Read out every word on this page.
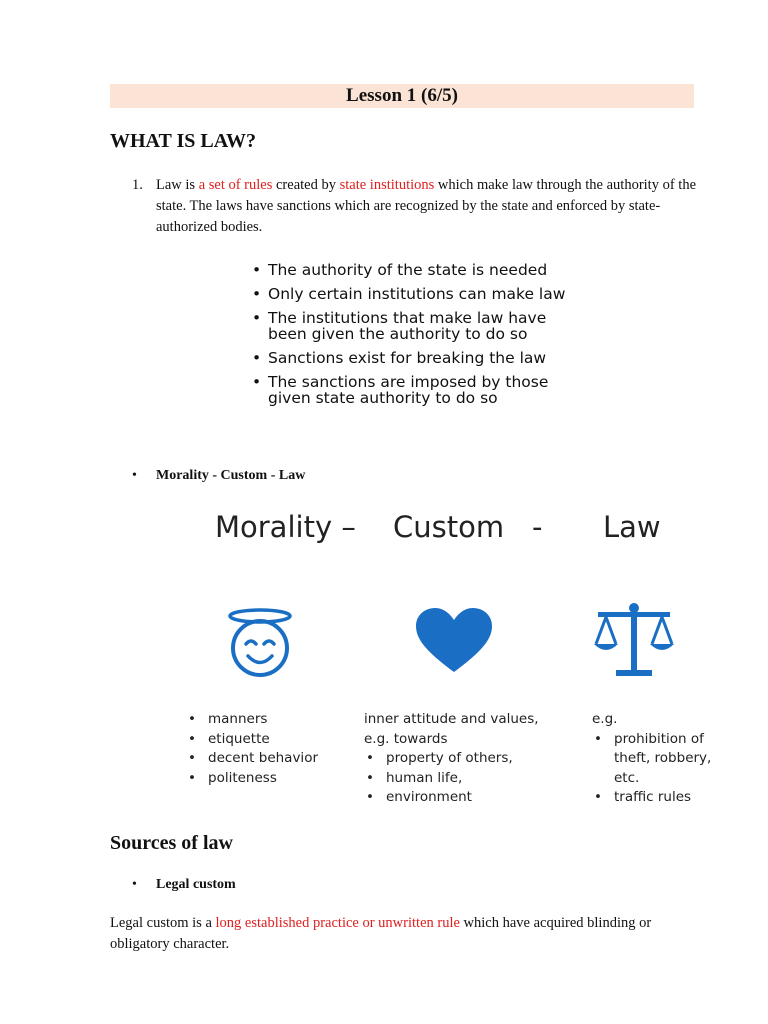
Lesson 1 (6/5)
WHAT IS LAW?
1. Law is a set of rules created by state institutions which make law through the authority of the state. The laws have sanctions which are recognized by the state and enforced by state-authorized bodies.
• The authority of the state is needed
• Only certain institutions can make law
• The institutions that make law have been given the authority to do so
• Sanctions exist for breaking the law
• The sanctions are imposed by those given state authority to do so
• Morality - Custom - Law
Morality – Custom - Law
• manners
• etiquette
• decent behavior
• politeness
inner attitude and values, e.g. towards
• property of others,
• human life,
• environment
e.g.
• prohibition of theft, robbery, etc.
• traffic rules
Sources of law
• Legal custom
Legal custom is a long established practice or unwritten rule which have acquired blinding or obligatory character.
